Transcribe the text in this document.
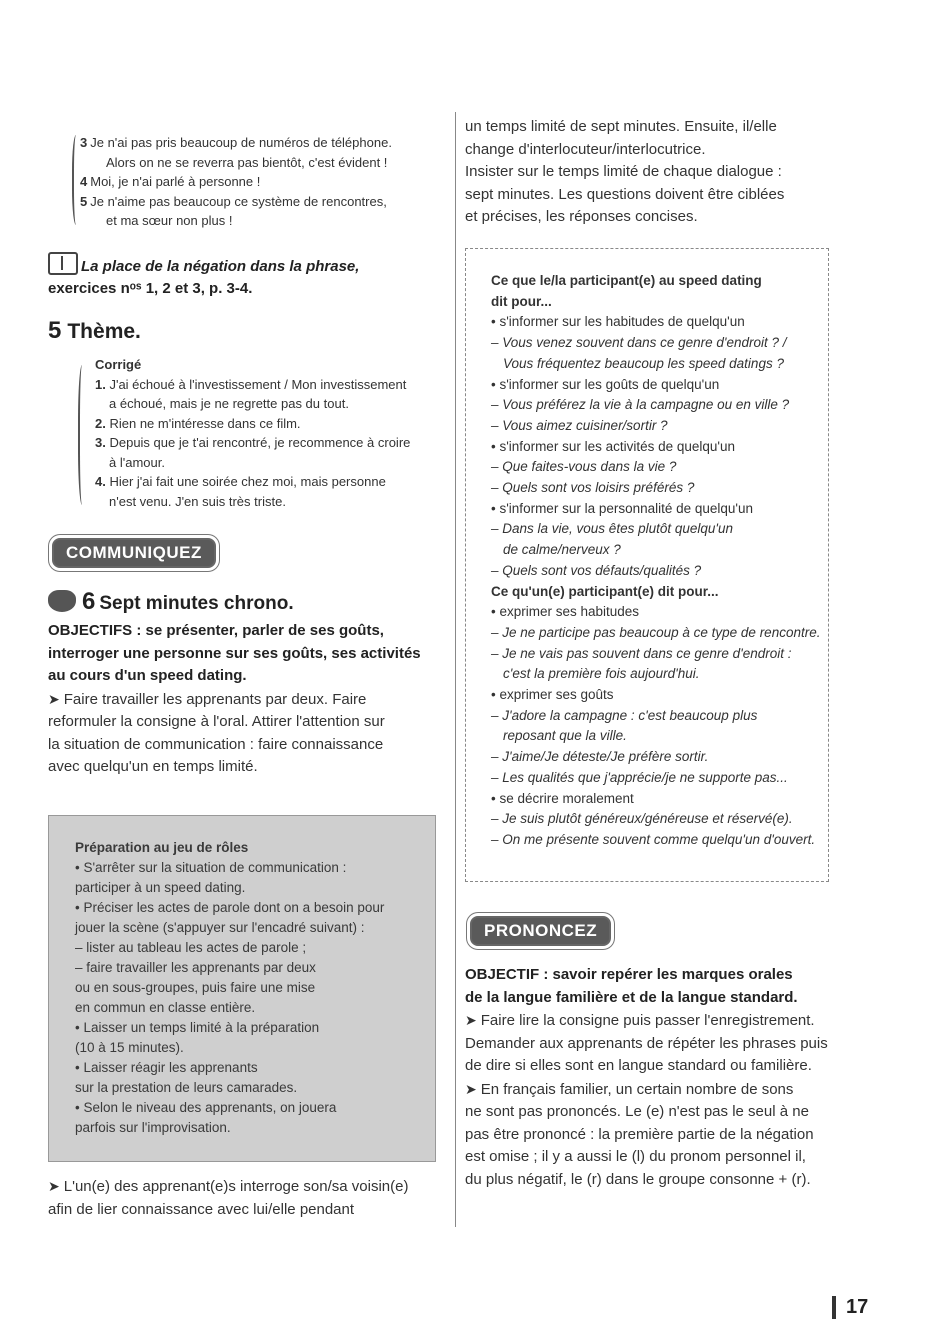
3 Je n'ai pas pris beaucoup de numéros de téléphone.
Alors on ne se reverra pas bientôt, c'est évident !
4 Moi, je n'ai parlé à personne !
5 Je n'aime pas beaucoup ce système de rencontres,
et ma sœur non plus !
La place de la négation dans la phrase,
exercices nᵒˢ 1, 2 et 3, p. 3-4.
5 Thème.
Corrigé
1. J'ai échoué à l'investissement / Mon investissement
a échoué, mais je ne regrette pas du tout.
2. Rien ne m'intéresse dans ce film.
3. Depuis que je t'ai rencontré, je recommence à croire
à l'amour.
4. Hier j'ai fait une soirée chez moi, mais personne
n'est venu. J'en suis très triste.
COMMUNIQUEZ
6 Sept minutes chrono.
OBJECTIFS : se présenter, parler de ses goûts,
interroger une personne sur ses goûts, ses activités
au cours d'un speed dating.
➤ Faire travailler les apprenants par deux. Faire
reformuler la consigne à l'oral. Attirer l'attention sur
la situation de communication : faire connaissance
avec quelqu'un en temps limité.
Préparation au jeu de rôles
• S'arrêter sur la situation de communication :
participer à un speed dating.
• Préciser les actes de parole dont on a besoin pour
jouer la scène (s'appuyer sur l'encadré suivant) :
– lister au tableau les actes de parole ;
– faire travailler les apprenants par deux
ou en sous-groupes, puis faire une mise
en commun en classe entière.
• Laisser un temps limité à la préparation
(10 à 15 minutes).
• Laisser réagir les apprenants
sur la prestation de leurs camarades.
• Selon le niveau des apprenants, on jouera
parfois sur l'improvisation.
➤ L'un(e) des apprenant(e)s interroge son/sa voisin(e)
afin de lier connaissance avec lui/elle pendant
un temps limité de sept minutes. Ensuite, il/elle
change d'interlocuteur/interlocutrice.
Insister sur le temps limité de chaque dialogue :
sept minutes. Les questions doivent être ciblées
et précises, les réponses concises.
Ce que le/la participant(e) au speed dating
dit pour...
• s'informer sur les habitudes de quelqu'un
– Vous venez souvent dans ce genre d'endroit ? /
Vous fréquentez beaucoup les speed datings ?
• s'informer sur les goûts de quelqu'un
– Vous préférez la vie à la campagne ou en ville ?
– Vous aimez cuisiner/sortir ?
• s'informer sur les activités de quelqu'un
– Que faites-vous dans la vie ?
– Quels sont vos loisirs préférés ?
• s'informer sur la personnalité de quelqu'un
– Dans la vie, vous êtes plutôt quelqu'un
de calme/nerveux ?
– Quels sont vos défauts/qualités ?
Ce qu'un(e) participant(e) dit pour...
• exprimer ses habitudes
– Je ne participe pas beaucoup à ce type de rencontre.
– Je ne vais pas souvent dans ce genre d'endroit :
c'est la première fois aujourd'hui.
• exprimer ses goûts
– J'adore la campagne : c'est beaucoup plus
reposant que la ville.
– J'aime/Je déteste/Je préfère sortir.
– Les qualités que j'apprécie/je ne supporte pas...
• se décrire moralement
– Je suis plutôt généreux/généreuse et réservé(e).
– On me présente souvent comme quelqu'un d'ouvert.
PRONONCEZ
OBJECTIF : savoir repérer les marques orales
de la langue familière et de la langue standard.
➤ Faire lire la consigne puis passer l'enregistrement.
Demander aux apprenants de répéter les phrases puis
de dire si elles sont en langue standard ou familière.
➤ En français familier, un certain nombre de sons
ne sont pas prononcés. Le (e) n'est pas le seul à ne
pas être prononcé : la première partie de la négation
est omise ; il y a aussi le (l) du pronom personnel il,
du plus négatif, le (r) dans le groupe consonne + (r).
17
